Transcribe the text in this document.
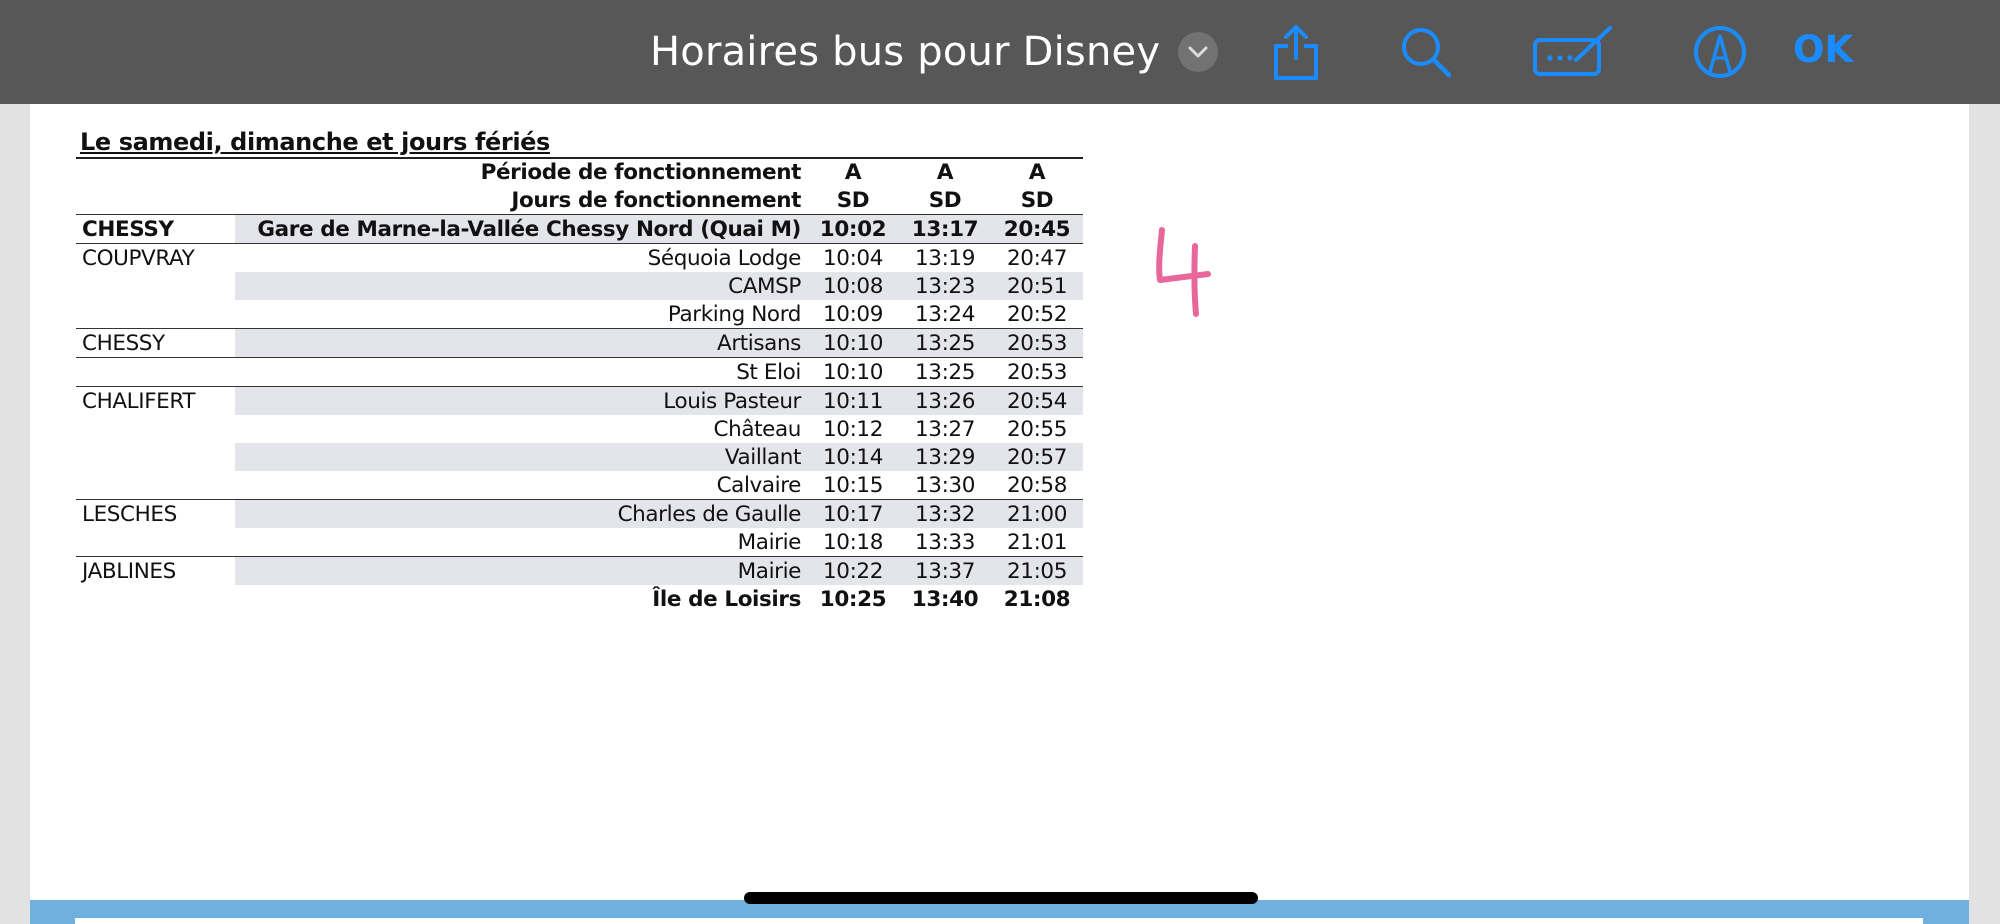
Horaires bus pour Disney	OK
Le samedi, dimanche et jours fériés
	Période de fonctionnement	A	A	A
	Jours de fonctionnement	SD	SD	SD
CHESSY	Gare de Marne-la-Vallée Chessy Nord (Quai M)	10:02	13:17	20:45
COUPVRAY	Séquoia Lodge	10:04	13:19	20:47
	CAMSP	10:08	13:23	20:51
	Parking Nord	10:09	13:24	20:52
CHESSY	Artisans	10:10	13:25	20:53
	St Eloi	10:10	13:25	20:53
CHALIFERT	Louis Pasteur	10:11	13:26	20:54
	Château	10:12	13:27	20:55
	Vaillant	10:14	13:29	20:57
	Calvaire	10:15	13:30	20:58
LESCHES	Charles de Gaulle	10:17	13:32	21:00
	Mairie	10:18	13:33	21:01
JABLINES	Mairie	10:22	13:37	21:05
	Île de Loisirs	10:25	13:40	21:08
